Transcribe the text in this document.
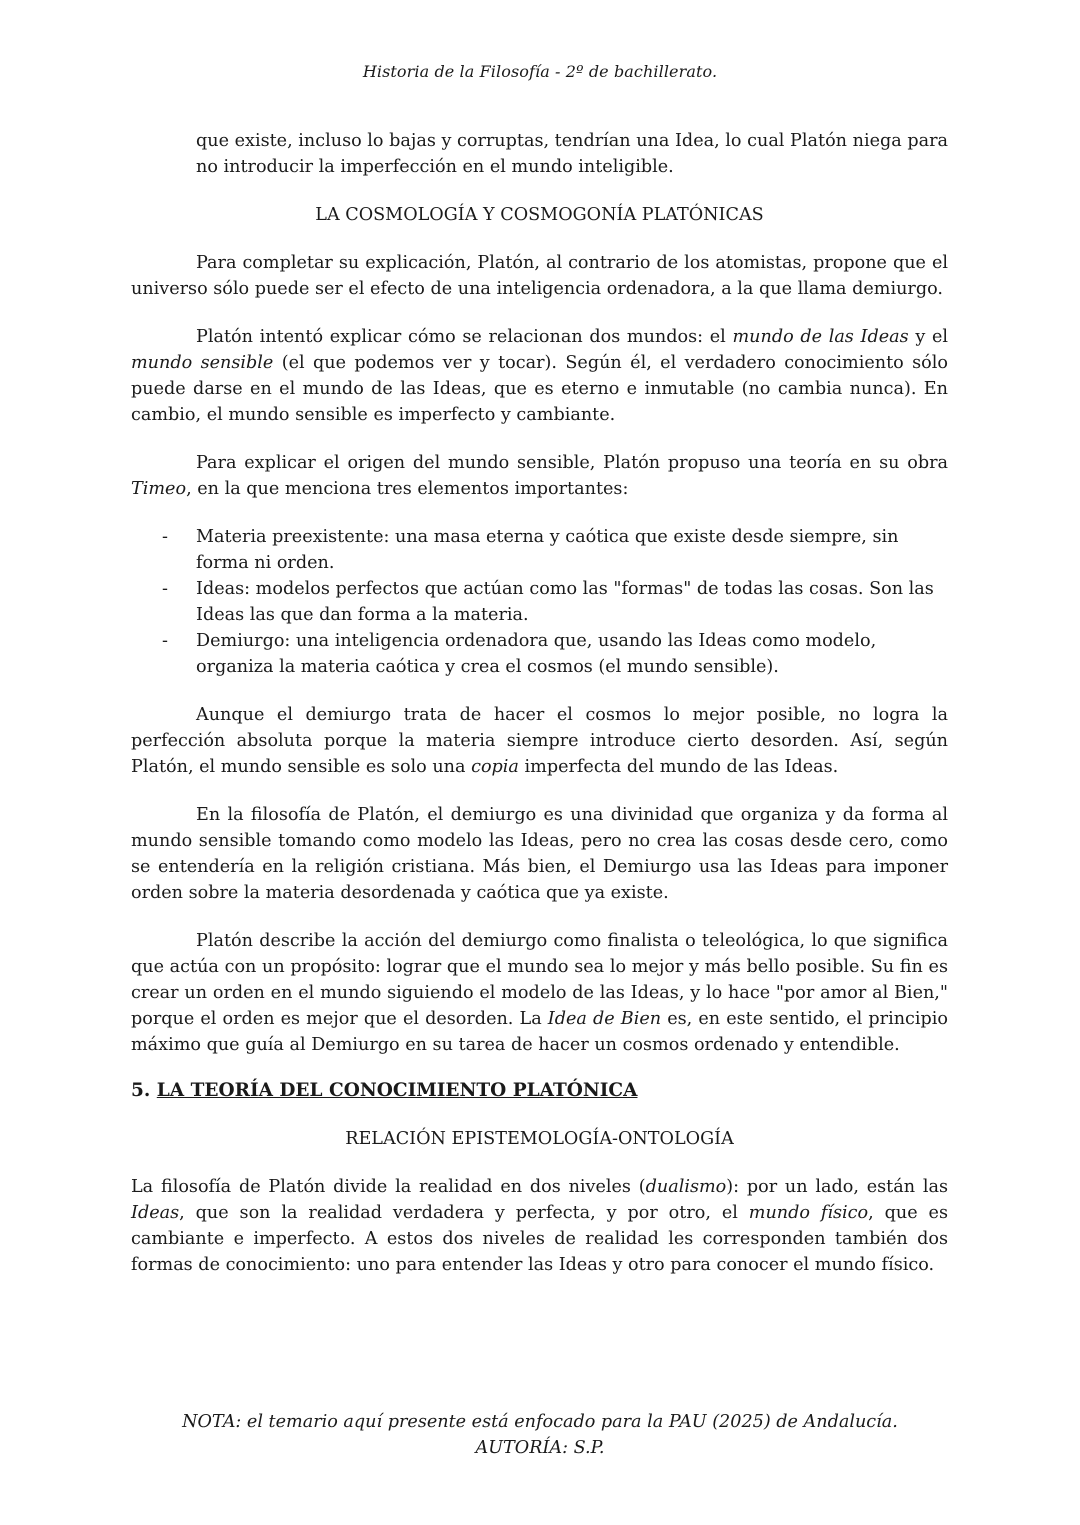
Historia de la Filosofía - 2º de bachillerato.

que existe, incluso lo bajas y corruptas, tendrían una Idea, lo cual Platón niega para no introducir la imperfección en el mundo inteligible.

LA COSMOLOGÍA Y COSMOGONÍA PLATÓNICAS

Para completar su explicación, Platón, al contrario de los atomistas, propone que el universo sólo puede ser el efecto de una inteligencia ordenadora, a la que llama demiurgo.

Platón intentó explicar cómo se relacionan dos mundos: el mundo de las Ideas y el mundo sensible (el que podemos ver y tocar). Según él, el verdadero conocimiento sólo puede darse en el mundo de las Ideas, que es eterno e inmutable (no cambia nunca). En cambio, el mundo sensible es imperfecto y cambiante.

Para explicar el origen del mundo sensible, Platón propuso una teoría en su obra Timeo, en la que menciona tres elementos importantes:

- Materia preexistente: una masa eterna y caótica que existe desde siempre, sin forma ni orden.
- Ideas: modelos perfectos que actúan como las "formas" de todas las cosas. Son las Ideas las que dan forma a la materia.
- Demiurgo: una inteligencia ordenadora que, usando las Ideas como modelo, organiza la materia caótica y crea el cosmos (el mundo sensible).

Aunque el demiurgo trata de hacer el cosmos lo mejor posible, no logra la perfección absoluta porque la materia siempre introduce cierto desorden. Así, según Platón, el mundo sensible es solo una copia imperfecta del mundo de las Ideas.

En la filosofía de Platón, el demiurgo es una divinidad que organiza y da forma al mundo sensible tomando como modelo las Ideas, pero no crea las cosas desde cero, como se entendería en la religión cristiana. Más bien, el Demiurgo usa las Ideas para imponer orden sobre la materia desordenada y caótica que ya existe.

Platón describe la acción del demiurgo como finalista o teleológica, lo que significa que actúa con un propósito: lograr que el mundo sea lo mejor y más bello posible. Su fin es crear un orden en el mundo siguiendo el modelo de las Ideas, y lo hace "por amor al Bien," porque el orden es mejor que el desorden. La Idea de Bien es, en este sentido, el principio máximo que guía al Demiurgo en su tarea de hacer un cosmos ordenado y entendible.

5. LA TEORÍA DEL CONOCIMIENTO PLATÓNICA

RELACIÓN EPISTEMOLOGÍA-ONTOLOGÍA

La filosofía de Platón divide la realidad en dos niveles (dualismo): por un lado, están las Ideas, que son la realidad verdadera y perfecta, y por otro, el mundo físico, que es cambiante e imperfecto. A estos dos niveles de realidad les corresponden también dos formas de conocimiento: uno para entender las Ideas y otro para conocer el mundo físico.

NOTA: el temario aquí presente está enfocado para la PAU (2025) de Andalucía.
AUTORÍA: S.P.
